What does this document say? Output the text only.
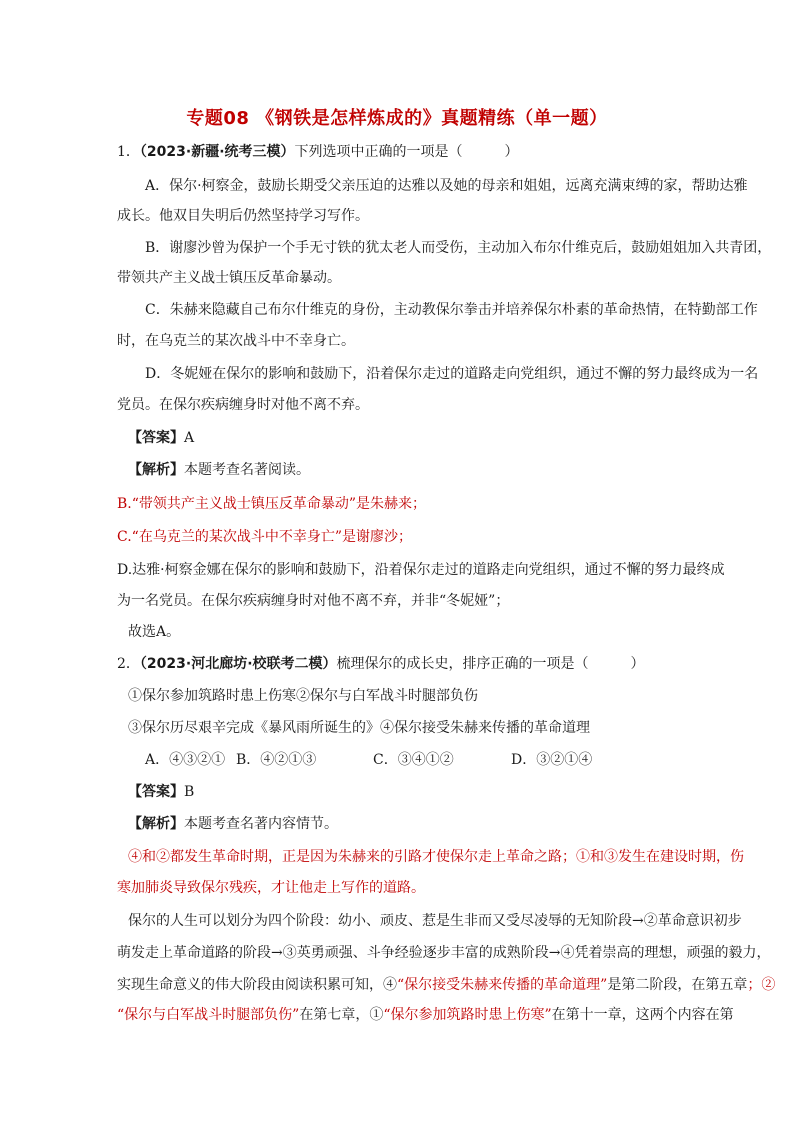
专题08 《钢铁是怎样炼成的》真题精练（单一题）
1．（2023·新疆·统考三模）下列选项中正确的一项是（　　　）
A．保尔·柯察金，鼓励长期受父亲压迫的达雅以及她的母亲和姐姐，远离充满束缚的家，帮助达雅
成长。他双目失明后仍然坚持学习写作。
B．谢廖沙曾为保护一个手无寸铁的犹太老人而受伤，主动加入布尔什维克后，鼓励姐姐加入共青团，
带领共产主义战士镇压反革命暴动。
C．朱赫来隐藏自己布尔什维克的身份，主动教保尔拳击并培养保尔朴素的革命热情，在特勤部工作
时，在乌克兰的某次战斗中不幸身亡。
D．冬妮娅在保尔的影响和鼓励下，沿着保尔走过的道路走向党组织，通过不懈的努力最终成为一名
党员。在保尔疾病缠身时对他不离不弃。
【答案】A
【解析】本题考查名著阅读。
B.“带领共产主义战士镇压反革命暴动”是朱赫来；
C.“在乌克兰的某次战斗中不幸身亡”是谢廖沙；
D.达雅·柯察金娜在保尔的影响和鼓励下，沿着保尔走过的道路走向党组织，通过不懈的努力最终成
为一名党员。在保尔疾病缠身时对他不离不弃，并非“冬妮娅”；
故选A。
2．（2023·河北廊坊·校联考二模）梳理保尔的成长史，排序正确的一项是（　　　）
①保尔参加筑路时患上伤寒②保尔与白军战斗时腿部负伤
③保尔历尽艰辛完成《暴风雨所诞生的》④保尔接受朱赫来传播的革命道理
A．④③②① B．④②①③	C．③④①②	D．③②①④
【答案】B
【解析】本题考查名著内容情节。
④和②都发生革命时期，正是因为朱赫来的引路才使保尔走上革命之路；①和③发生在建设时期，伤
寒加肺炎导致保尔残疾，才让他走上写作的道路。
保尔的人生可以划分为四个阶段：幼小、顽皮、惹是生非而又受尽凌辱的无知阶段→②革命意识初步
萌发走上革命道路的阶段→③英勇顽强、斗争经验逐步丰富的成熟阶段→④凭着崇高的理想，顽强的毅力，
实现生命意义的伟大阶段由阅读积累可知，④“保尔接受朱赫来传播的革命道理”是第二阶段，在第五章；②
“保尔与白军战斗时腿部负伤”在第七章，①“保尔参加筑路时患上伤寒”在第十一章，这两个内容在第
